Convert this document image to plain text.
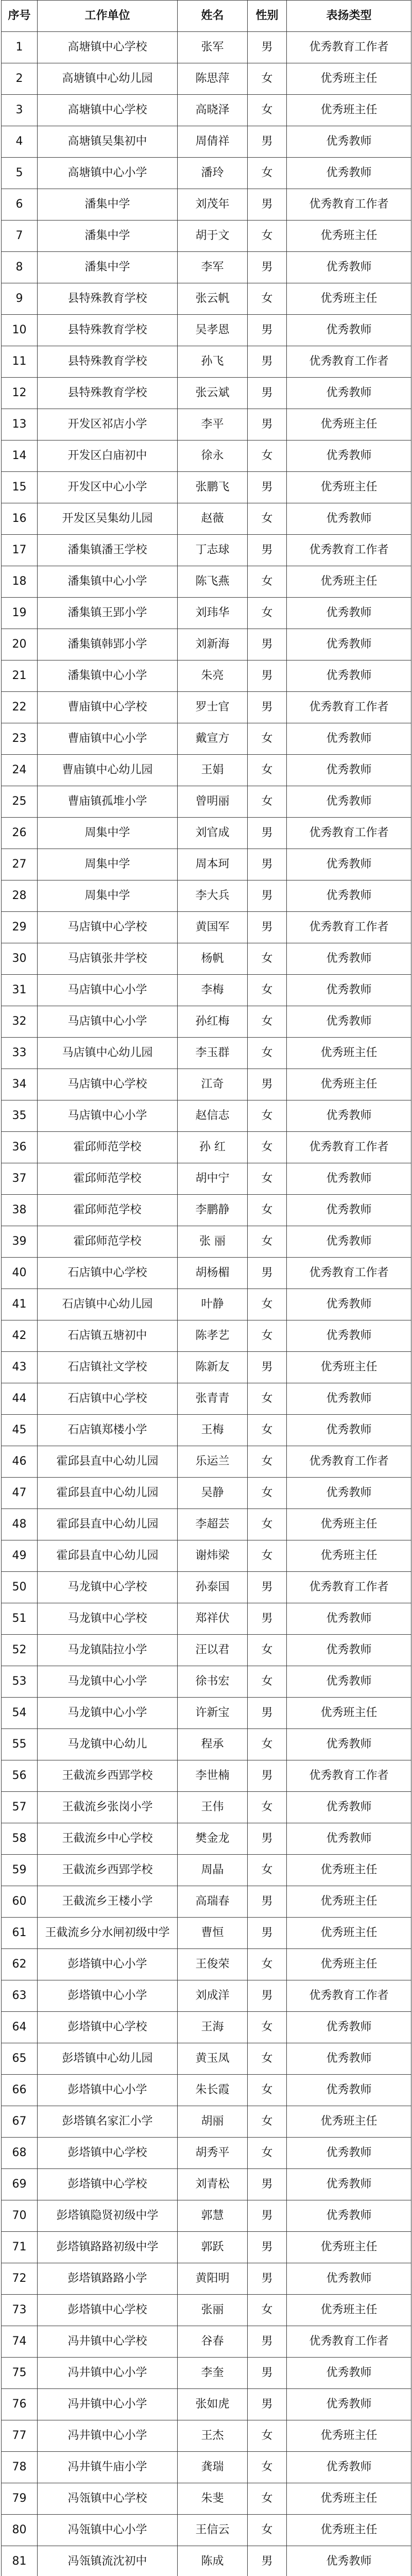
序号	工作单位	姓名	性别	表扬类型
1	高塘镇中心学校	张军	男	优秀教育工作者
2	高塘镇中心幼儿园	陈思萍	女	优秀班主任
3	高塘镇中心学校	高晓泽	女	优秀班主任
4	高塘镇吴集初中	周倩祥	男	优秀教师
5	高塘镇中心小学	潘玲	女	优秀教师
6	潘集中学	刘茂年	男	优秀教育工作者
7	潘集中学	胡于文	女	优秀班主任
8	潘集中学	李军	男	优秀教师
9	县特殊教育学校	张云帆	女	优秀班主任
10	县特殊教育学校	吴孝恩	男	优秀教师
11	县特殊教育学校	孙飞	男	优秀教育工作者
12	县特殊教育学校	张云斌	男	优秀教师
13	开发区祁店小学	李平	男	优秀班主任
14	开发区白庙初中	徐永	女	优秀教师
15	开发区中心小学	张鹏飞	男	优秀班主任
16	开发区吴集幼儿园	赵薇	女	优秀教师
17	潘集镇潘王学校	丁志球	男	优秀教育工作者
18	潘集镇中心小学	陈飞燕	女	优秀班主任
19	潘集镇王郢小学	刘玮华	女	优秀教师
20	潘集镇韩郢小学	刘新海	男	优秀教师
21	潘集镇中心小学	朱亮	男	优秀教师
22	曹庙镇中心学校	罗士官	男	优秀教育工作者
23	曹庙镇中心小学	戴宣方	女	优秀教师
24	曹庙镇中心幼儿园	王娟	女	优秀教师
25	曹庙镇孤堆小学	曾明丽	女	优秀教师
26	周集中学	刘官成	男	优秀教育工作者
27	周集中学	周本珂	男	优秀教师
28	周集中学	李大兵	男	优秀教师
29	马店镇中心学校	黄国军	男	优秀教育工作者
30	马店镇张井学校	杨帆	女	优秀教师
31	马店镇中心小学	李梅	女	优秀教师
32	马店镇中心小学	孙红梅	女	优秀教师
33	马店镇中心幼儿园	李玉群	女	优秀班主任
34	马店镇中心学校	江奇	男	优秀班主任
35	马店镇中心小学	赵信志	女	优秀教师
36	霍邱师范学校	孙 红	女	优秀教育工作者
37	霍邱师范学校	胡中宁	女	优秀教师
38	霍邱师范学校	李鹏静	女	优秀教师
39	霍邱师范学校	张 丽	女	优秀教师
40	石店镇中心学校	胡杨楣	男	优秀教育工作者
41	石店镇中心幼儿园	叶静	女	优秀教师
42	石店镇五塘初中	陈孝艺	女	优秀教师
43	石店镇社文学校	陈新友	男	优秀班主任
44	石店镇中心学校	张青青	女	优秀教师
45	石店镇郑楼小学	王梅	女	优秀教师
46	霍邱县直中心幼儿园	乐运兰	女	优秀教育工作者
47	霍邱县直中心幼儿园	吴静	女	优秀教师
48	霍邱县直中心幼儿园	李超芸	女	优秀班主任
49	霍邱县直中心幼儿园	谢炜梁	女	优秀班主任
50	马龙镇中心学校	孙泰国	男	优秀教育工作者
51	马龙镇中心学校	郑祥伏	男	优秀教师
52	马龙镇陆拉小学	汪以君	女	优秀教师
53	马龙镇中心小学	徐书宏	女	优秀教师
54	马龙镇中心小学	许新宝	男	优秀班主任
55	马龙镇中心幼儿	程承	女	优秀教师
56	王截流乡西郢学校	李世楠	男	优秀教育工作者
57	王截流乡张岗小学	王伟	女	优秀教师
58	王截流乡中心学校	樊金龙	男	优秀教师
59	王截流乡西郢学校	周晶	女	优秀班主任
60	王截流乡王楼小学	高瑞春	男	优秀班主任
61	王截流乡分水闸初级中学	曹恒	男	优秀班主任
62	彭塔镇中心小学	王俊荣	女	优秀班主任
63	彭塔镇中心小学	刘成洋	男	优秀教育工作者
64	彭塔镇中心学校	王海	女	优秀教师
65	彭塔镇中心幼儿园	黄玉凤	女	优秀教师
66	彭塔镇中心小学	朱长霞	女	优秀教师
67	彭塔镇名家汇小学	胡丽	女	优秀班主任
68	彭塔镇中心学校	胡秀平	女	优秀教师
69	彭塔镇中心学校	刘青松	男	优秀教师
70	彭塔镇隐贤初级中学	郭慧	男	优秀教师
71	彭塔镇路路初级中学	郭跃	男	优秀班主任
72	彭塔镇路路小学	黄阳明	男	优秀教师
73	彭塔镇中心学校	张丽	女	优秀班主任
74	冯井镇中心学校	谷春	男	优秀教育工作者
75	冯井镇中心小学	李奎	男	优秀教师
76	冯井镇中心小学	张如虎	男	优秀教师
77	冯井镇中心小学	王杰	女	优秀班主任
78	冯井镇牛庙小学	龚瑞	女	优秀教师
79	冯瓴镇中心学校	朱斐	女	优秀班主任
80	冯瓴镇中心小学	王信云	女	优秀班主任
81	冯瓴镇流沈初中	陈成	男	优秀教师
